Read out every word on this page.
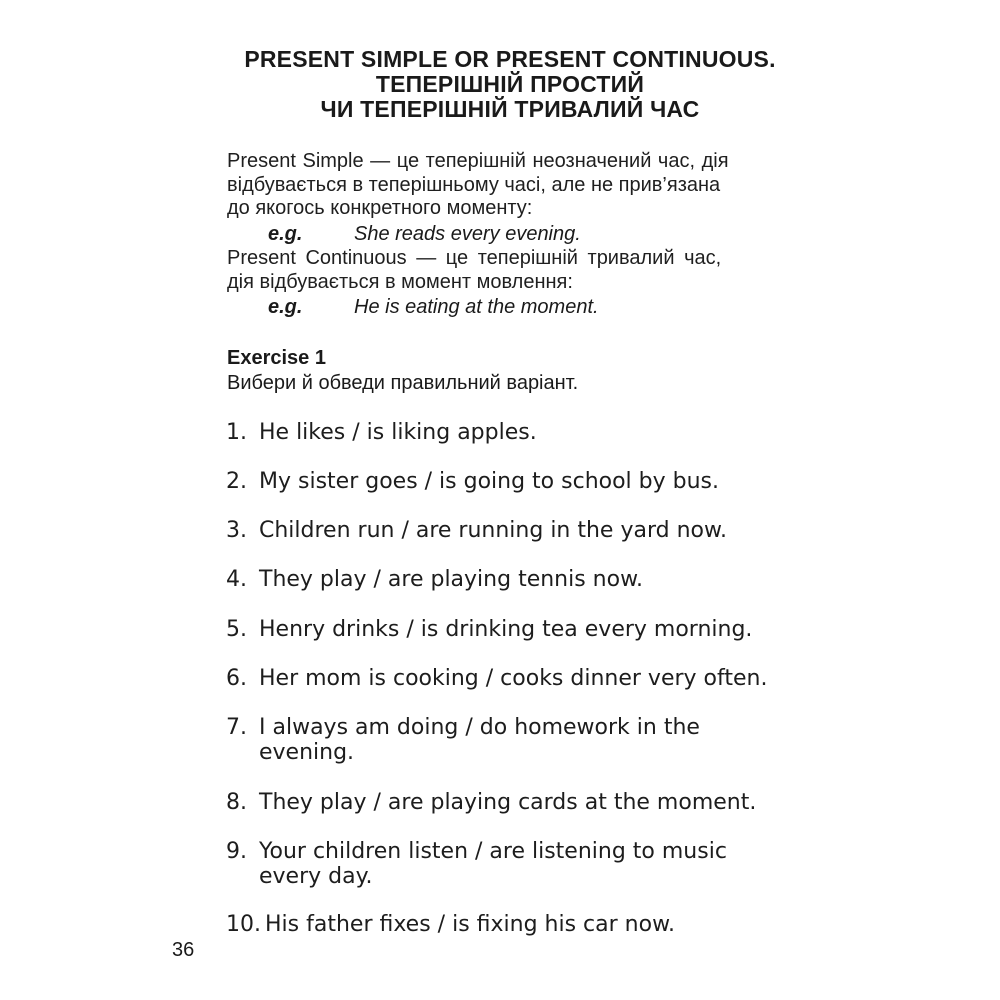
PRESENT SIMPLE OR PRESENT CONTINUOUS.
ТЕПЕРІШНІЙ ПРОСТИЙ
ЧИ ТЕПЕРІШНІЙ ТРИВАЛИЙ ЧАС
Present Simple — це теперішній неозначений час, дія
відбувається в теперішньому часі, але не прив’язана
до якогось конкретного моменту:
e.g.	She reads every evening.
Present Continuous — це теперішній тривалий час,
дія відбувається в момент мовлення:
e.g.	He is eating at the moment.
Exercise 1
Вибери й обведи правильний варіант.
1. He likes / is liking apples.
2. My sister goes / is going to school by bus.
3. Children run / are running in the yard now.
4. They play / are playing tennis now.
5. Henry drinks / is drinking tea every morning.
6. Her mom is cooking / cooks dinner very often.
7. I always am doing / do homework in the
evening.
8. They play / are playing cards at the moment.
9. Your children listen / are listening to music
every day.
10. His father fixes / is fixing his car now.
36
